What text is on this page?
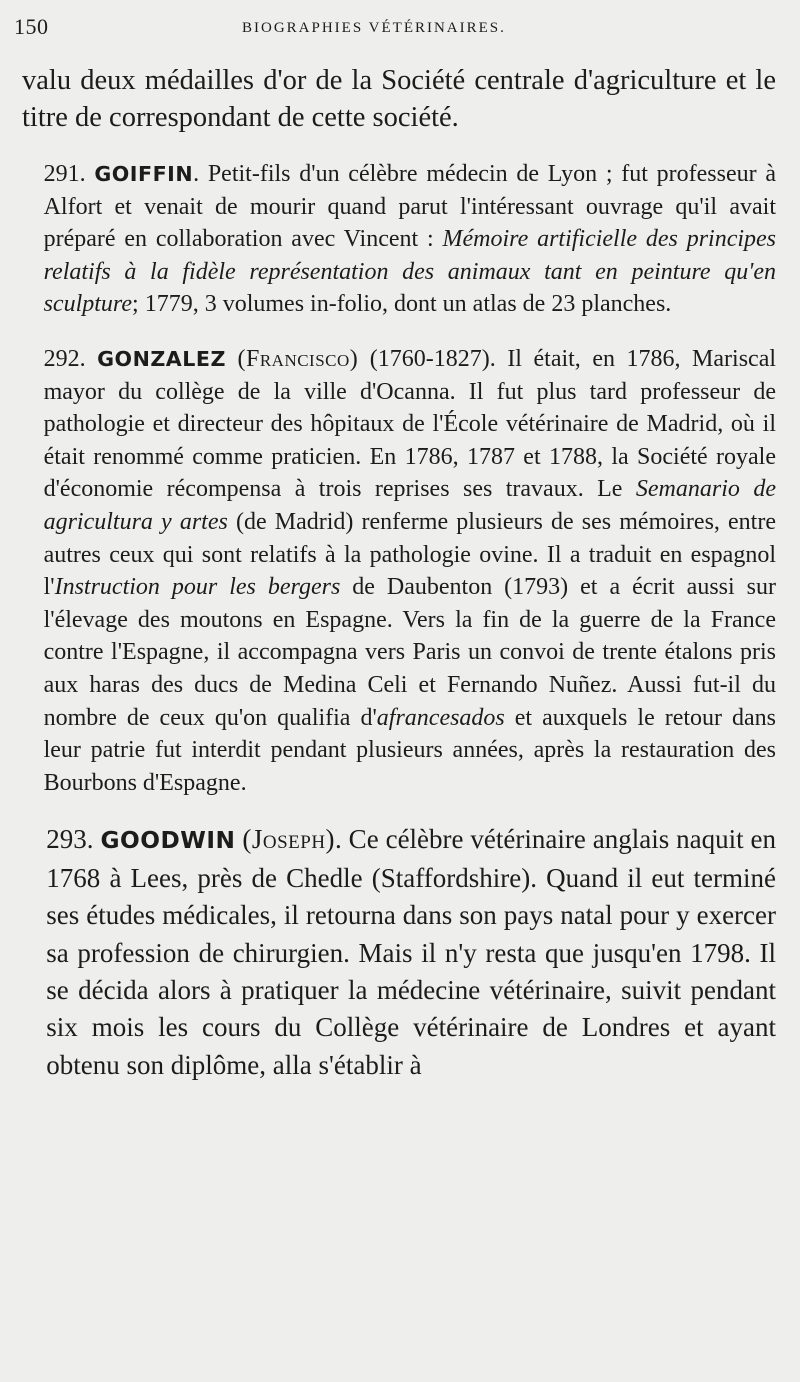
150	BIOGRAPHIES VÉTÉRINAIRES.

valu deux médailles d'or de la Société centrale d'agriculture et le titre de correspondant de cette société.

291. GOIFFIN. Petit-fils d'un célèbre médecin de Lyon ; fut professeur à Alfort et venait de mourir quand parut l'intéressant ouvrage qu'il avait préparé en collaboration avec Vincent : Mémoire artificielle des principes relatifs à la fidèle représentation des animaux tant en peinture qu'en sculpture; 1779, 3 volumes in-folio, dont un atlas de 23 planches.

292. GONZALEZ (Francisco) (1760-1827). Il était, en 1786, Mariscal mayor du collège de la ville d'Ocanna. Il fut plus tard professeur de pathologie et directeur des hôpitaux de l'École vétérinaire de Madrid, où il était renommé comme praticien. En 1786, 1787 et 1788, la Société royale d'économie récompensa à trois reprises ses travaux. Le Semanario de agricultura y artes (de Madrid) renferme plusieurs de ses mémoires, entre autres ceux qui sont relatifs à la pathologie ovine. Il a traduit en espagnol l'Instruction pour les bergers de Daubenton (1793) et a écrit aussi sur l'élevage des moutons en Espagne. Vers la fin de la guerre de la France contre l'Espagne, il accompagna vers Paris un convoi de trente étalons pris aux haras des ducs de Medina Celi et Fernando Nuñez. Aussi fut-il du nombre de ceux qu'on qualifia d'afrancesados et auxquels le retour dans leur patrie fut interdit pendant plusieurs années, après la restauration des Bourbons d'Espagne.

293. GOODWIN (Joseph). Ce célèbre vétérinaire anglais naquit en 1768 à Lees, près de Chedle (Staffordshire). Quand il eut terminé ses études médicales, il retourna dans son pays natal pour y exercer sa profession de chirurgien. Mais il n'y resta que jusqu'en 1798. Il se décida alors à pratiquer la médecine vétérinaire, suivit pendant six mois les cours du Collège vétérinaire de Londres et ayant obtenu son diplôme, alla s'établir à
